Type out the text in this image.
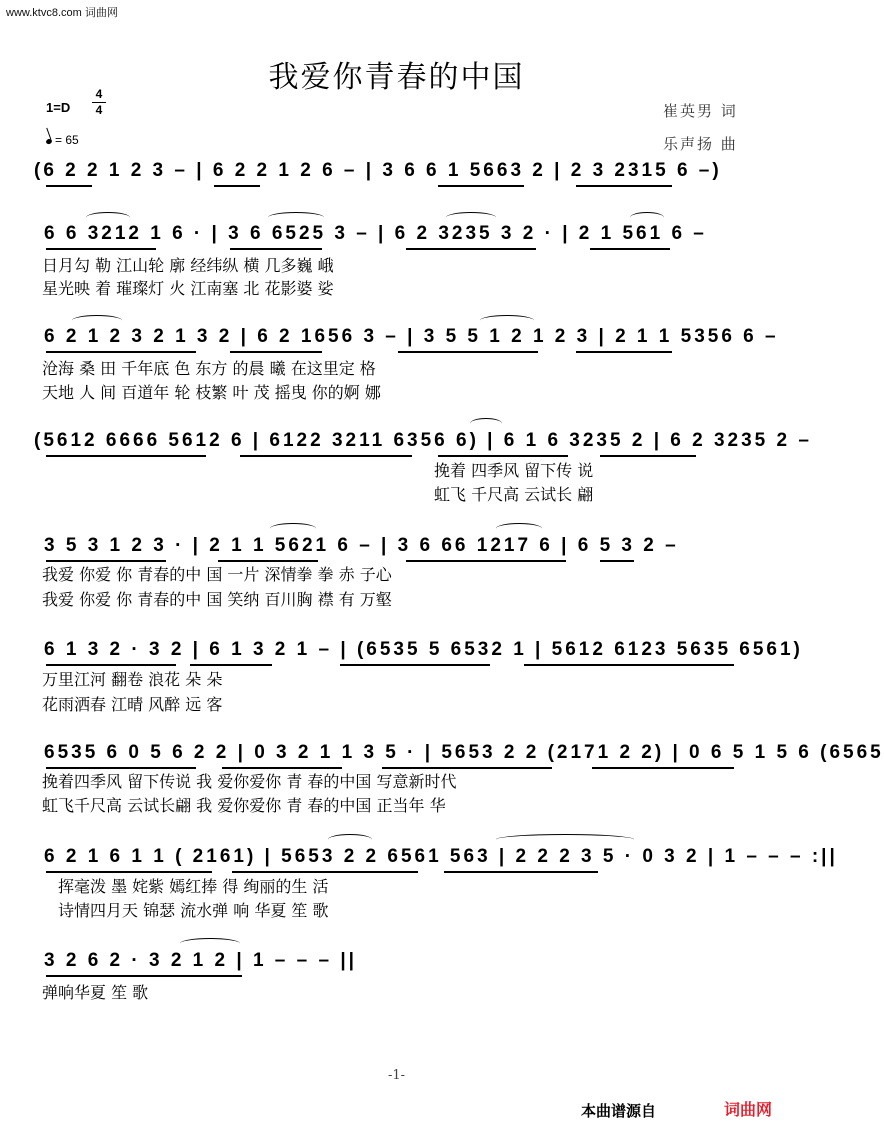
www.ktvc8.com 词曲网
我爱你青春的中国
1=D
4
4
= 65
崔英男 词
乐声扬 曲
(6 2 2 1 2 3 – | 6 2 2 1 2 6 – | 3 6 6 1 5663 2 | 2 3 2315 6 –)
6 6 3212 1 6 · | 3 6 6525 3 – | 6 2 3235 3 2 · | 2 1 561 6 –
日月勾 勒 江山轮 廓 经纬纵 横 几多巍 峨
星光映 着 璀璨灯 火 江南塞 北 花影婆 娑
6 2 1 2 3 2 1 3 2 | 6 2 1656 3 – | 3 5 5 1 2 1 2 3 | 2 1 1 5356 6 –
沧海 桑 田 千年底 色 东方 的晨 曦 在这里定 格
天地 人 间 百道年 轮 枝繁 叶 茂 摇曳 你的婀 娜
(5612 6666 5612 6 | 6122 3211 6356 6) | 6 1 6 3235 2 | 6 2 3235 2 –
挽着 四季风 留下传 说
虹飞 千尺高 云试长 翩
3 5 3 1 2 3 · | 2 1 1 5621 6 – | 3 6 66 1217 6 | 6 5 3 2 –
我爱 你爱 你 青春的中 国 一片 深情拳 拳 赤 子心
我爱 你爱 你 青春的中 国 笑纳 百川胸 襟 有 万壑
6 1 3 2 · 3 2 | 6 1 3 2 1 – | (6535 5 6532 1 | 5612 6123 5635 6561)
万里江河 翻卷 浪花 朵 朵
花雨洒春 江晴 风醉 远 客
6535 6 0 5 6 2 2 | 0 3 2 1 1 3 5 · | 5653 2 2 (2171 2 2) | 0 6 5 1 5 6 (6565
挽着四季风 留下传说 我 爱你爱你 青 春的中国 写意新时代
虹飞千尺高 云试长翩 我 爱你爱你 青 春的中国 正当年 华
6 2 1 6 1 1 ( 2161) | 5653 2 2 6561 563 | 2 2 2 3 5 · 0 3 2 | 1 – – – :||
挥毫泼 墨 姹紫 嫣红捧 得 绚丽的生 活
诗情四月天 锦瑟 流水弹 响 华夏 笙 歌
3 2 6 2 · 3 2 1 2 | 1 – – – ||
弹响华夏 笙 歌
-1-
本曲谱源自	词曲网
